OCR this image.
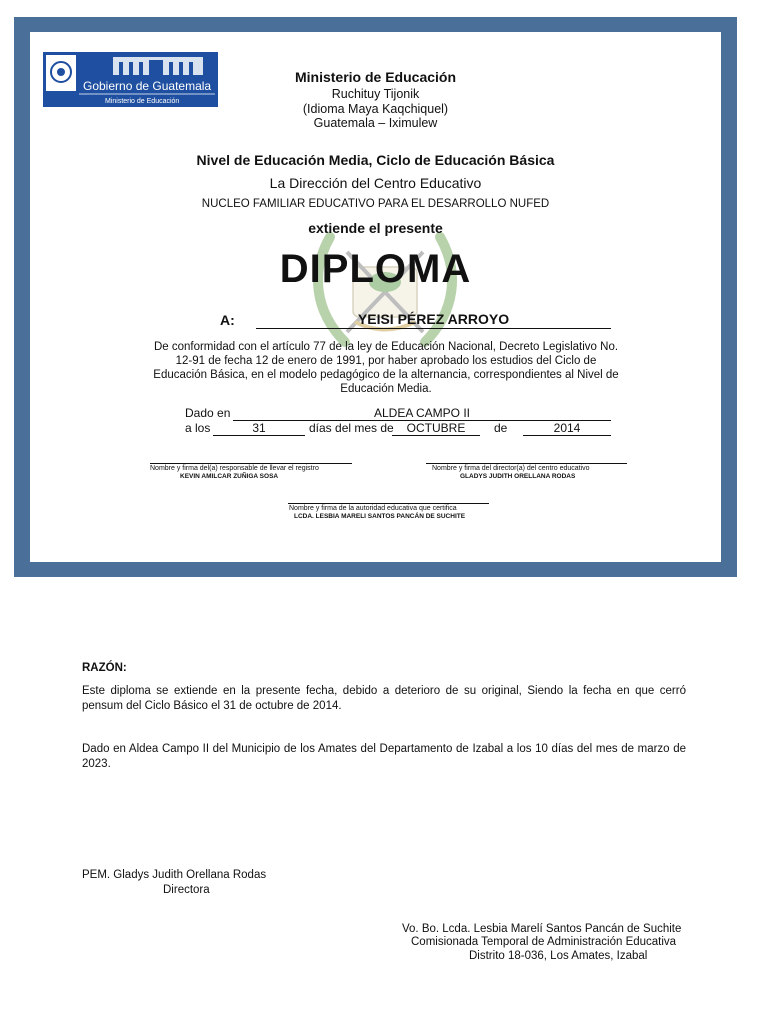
Gobierno de Guatemala
Ministerio de Educación
Ministerio de Educación
Ruchituy Tijonik
(Idioma Maya Kaqchiquel)
Guatemala – Iximulew
Nivel de Educación Media, Ciclo de Educación Básica
La Dirección del Centro Educativo
NUCLEO FAMILIAR EDUCATIVO PARA EL DESARROLLO NUFED
extiende el presente
DIPLOMA
A:	YEISI PÉREZ ARROYO
De conformidad con el artículo 77 de la ley de Educación Nacional, Decreto Legislativo No. 12-91 de fecha 12 de enero de 1991, por haber aprobado los estudios del Ciclo de Educación Básica, en el modelo pedagógico de la alternancia, correspondientes al Nivel de Educación Media.
Dado en	ALDEA CAMPO II
a los	31	días del mes de	OCTUBRE	de	2014
Nombre y firma del(a) responsable de llevar el registro
KEVIN AMILCAR ZUÑIGA SOSA
Nombre y firma del director(a) del centro educativo
GLADYS JUDITH ORELLANA RODAS
Nombre y firma de la autoridad educativa que certifica
LCDA. LESBIA MARELI SANTOS PANCÁN DE SUCHITE
RAZÓN:
Este diploma se extiende en la presente fecha, debido a deterioro de su original, Siendo la fecha en que cerró pensum del Ciclo Básico el 31 de octubre de 2014.
Dado en Aldea Campo II del Municipio de los Amates del Departamento de Izabal a los 10 días del mes de marzo de 2023.
PEM. Gladys Judith Orellana Rodas
Directora
Vo. Bo. Lcda. Lesbia Marelí Santos Pancán de Suchite
Comisionada Temporal de Administración Educativa
Distrito 18-036, Los Amates, Izabal
